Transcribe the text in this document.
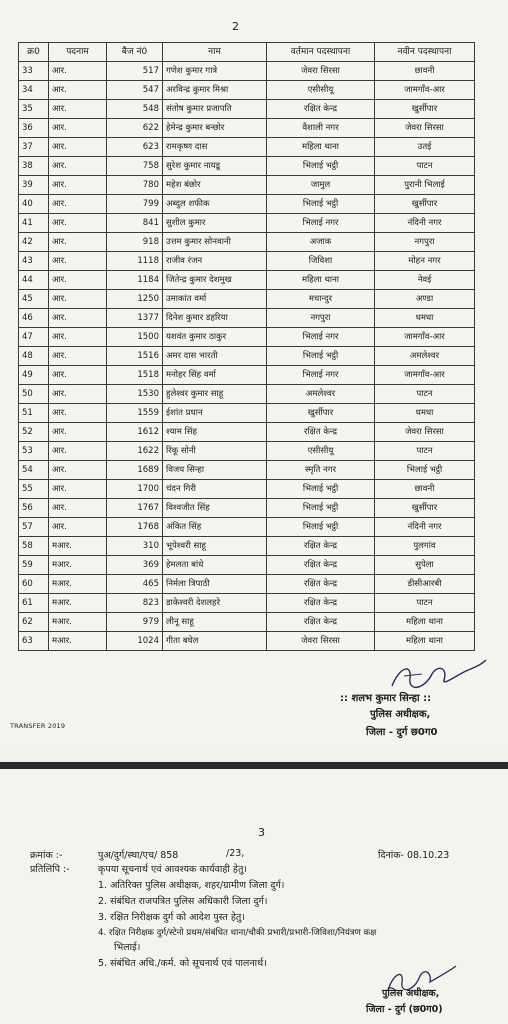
2
क्र0	पदनाम	बैज नं0	नाम	वर्तमान पदस्थापना	नवीन पदस्थापना
33	आर.	517	गणेश कुमार गात्रे	जेवरा सिरसा	छावनी
34	आर.	547	अरविन्द्र कुमार मिश्रा	एसीसीयू	जामगाँव-आर
35	आर.	548	संतोष कुमार प्रजापति	रक्षित केन्द्र	खुर्सीपार
36	आर.	622	हेमेन्द्र कुमार बन्छोर	वैशाली नगर	जेवरा सिरसा
37	आर.	623	रामकृष्ण दास	महिला थाना	उतई
38	आर.	758	सुरेश कुमार नायडू	भिलाई भट्ठी	पाटन
39	आर.	780	महेश बंछोर	जामुल	पुरानी भिलाई
40	आर.	799	अब्दुल शफीक	भिलाई भट्ठी	खुर्सीपार
41	आर.	841	सुशील कुमार	भिलाई नगर	नंदिनी नगर
42	आर.	918	उत्तम कुमार सोनवानी	अजाक	नगपुरा
43	आर.	1118	राजीव रंजन	जिविशा	मोहन नगर
44	आर.	1184	जितेन्द्र कुमार देशमुख	महिला थाना	नेवई
45	आर.	1250	उमाकांत वर्मा	मचान्दुर	अण्डा
46	आर.	1377	दिनेश कुमार डहरिया	नगपुरा	धमधा
47	आर.	1500	यशवंत कुमार ठाकुर	भिलाई नगर	जामगाँव-आर
48	आर.	1516	अमर दास भारती	भिलाई भट्ठी	अमलेश्वर
49	आर.	1518	मनोहर सिंह वर्मा	भिलाई नगर	जामगाँव-आर
50	आर.	1530	हुलेश्वर कुमार साहू	अमलेश्वर	पाटन
51	आर.	1559	ईशांत प्रधान	खुर्सीपार	धमधा
52	आर.	1612	श्याम सिंह	रक्षित केन्द्र	जेवरा सिरसा
53	आर.	1622	रिंकू सोनी	एसीसीयू	पाटन
54	आर.	1689	विजय सिन्हा	स्मृति नगर	भिलाई भट्ठी
55	आर.	1700	चंदन गिरी	भिलाई भट्ठी	छावनी
56	आर.	1767	विश्वजीत सिंह	भिलाई भट्ठी	खुर्सीपार
57	आर.	1768	अंकित सिंह	भिलाई भट्ठी	नंदिनी नगर
58	मआर.	310	भूपेश्वरी साहू	रक्षित केन्द्र	पुलगांव
59	मआर.	369	हेमलता बांधे	रक्षित केन्द्र	सुपेला
60	मआर.	465	निर्मला त्रिपाठी	रक्षित केन्द्र	डीसीआरबी
61	मआर.	823	डाकेश्वरी देशलहरे	रक्षित केन्द्र	पाटन
62	मआर.	979	लीनू साहू	रक्षित केन्द्र	महिला थाना
63	मआर.	1024	गीता बघेल	जेवरा सिरसा	महिला थाना
:: शलभ कुमार सिन्हा ::
पुलिस अधीक्षक,
जिला - दुर्ग छ0ग0
TRANSFER 2019
3
क्रमांक :-	पुअ/दुर्ग/स्था/एच/ 858	/23,	दिनांक- 08.10.23
प्रतिलिपि :-	कृपया सूचनार्थ एवं आवश्यक कार्यवाही हेतु।
1. अतिरिक्त पुलिस अधीक्षक, शहर/ग्रामीण जिला दुर्ग।
2. संबंधित राजपत्रित पुलिस अधिकारी जिला दुर्ग।
3. रक्षित निरीक्षक दुर्ग को आदेश पुस्त हेतु।
4. रक्षित निरीक्षक दुर्ग/स्टेनो प्रथम/संबंधित थाना/चौकी प्रभारी/प्रभारी-जिविशा/नियंत्रण कक्ष
भिलाई।
5. संबंधित अधि./कर्म. को सूचनार्थ एवं पालनार्थ।
पुलिस अधीक्षक,
जिला - दुर्ग (छ0ग0)
